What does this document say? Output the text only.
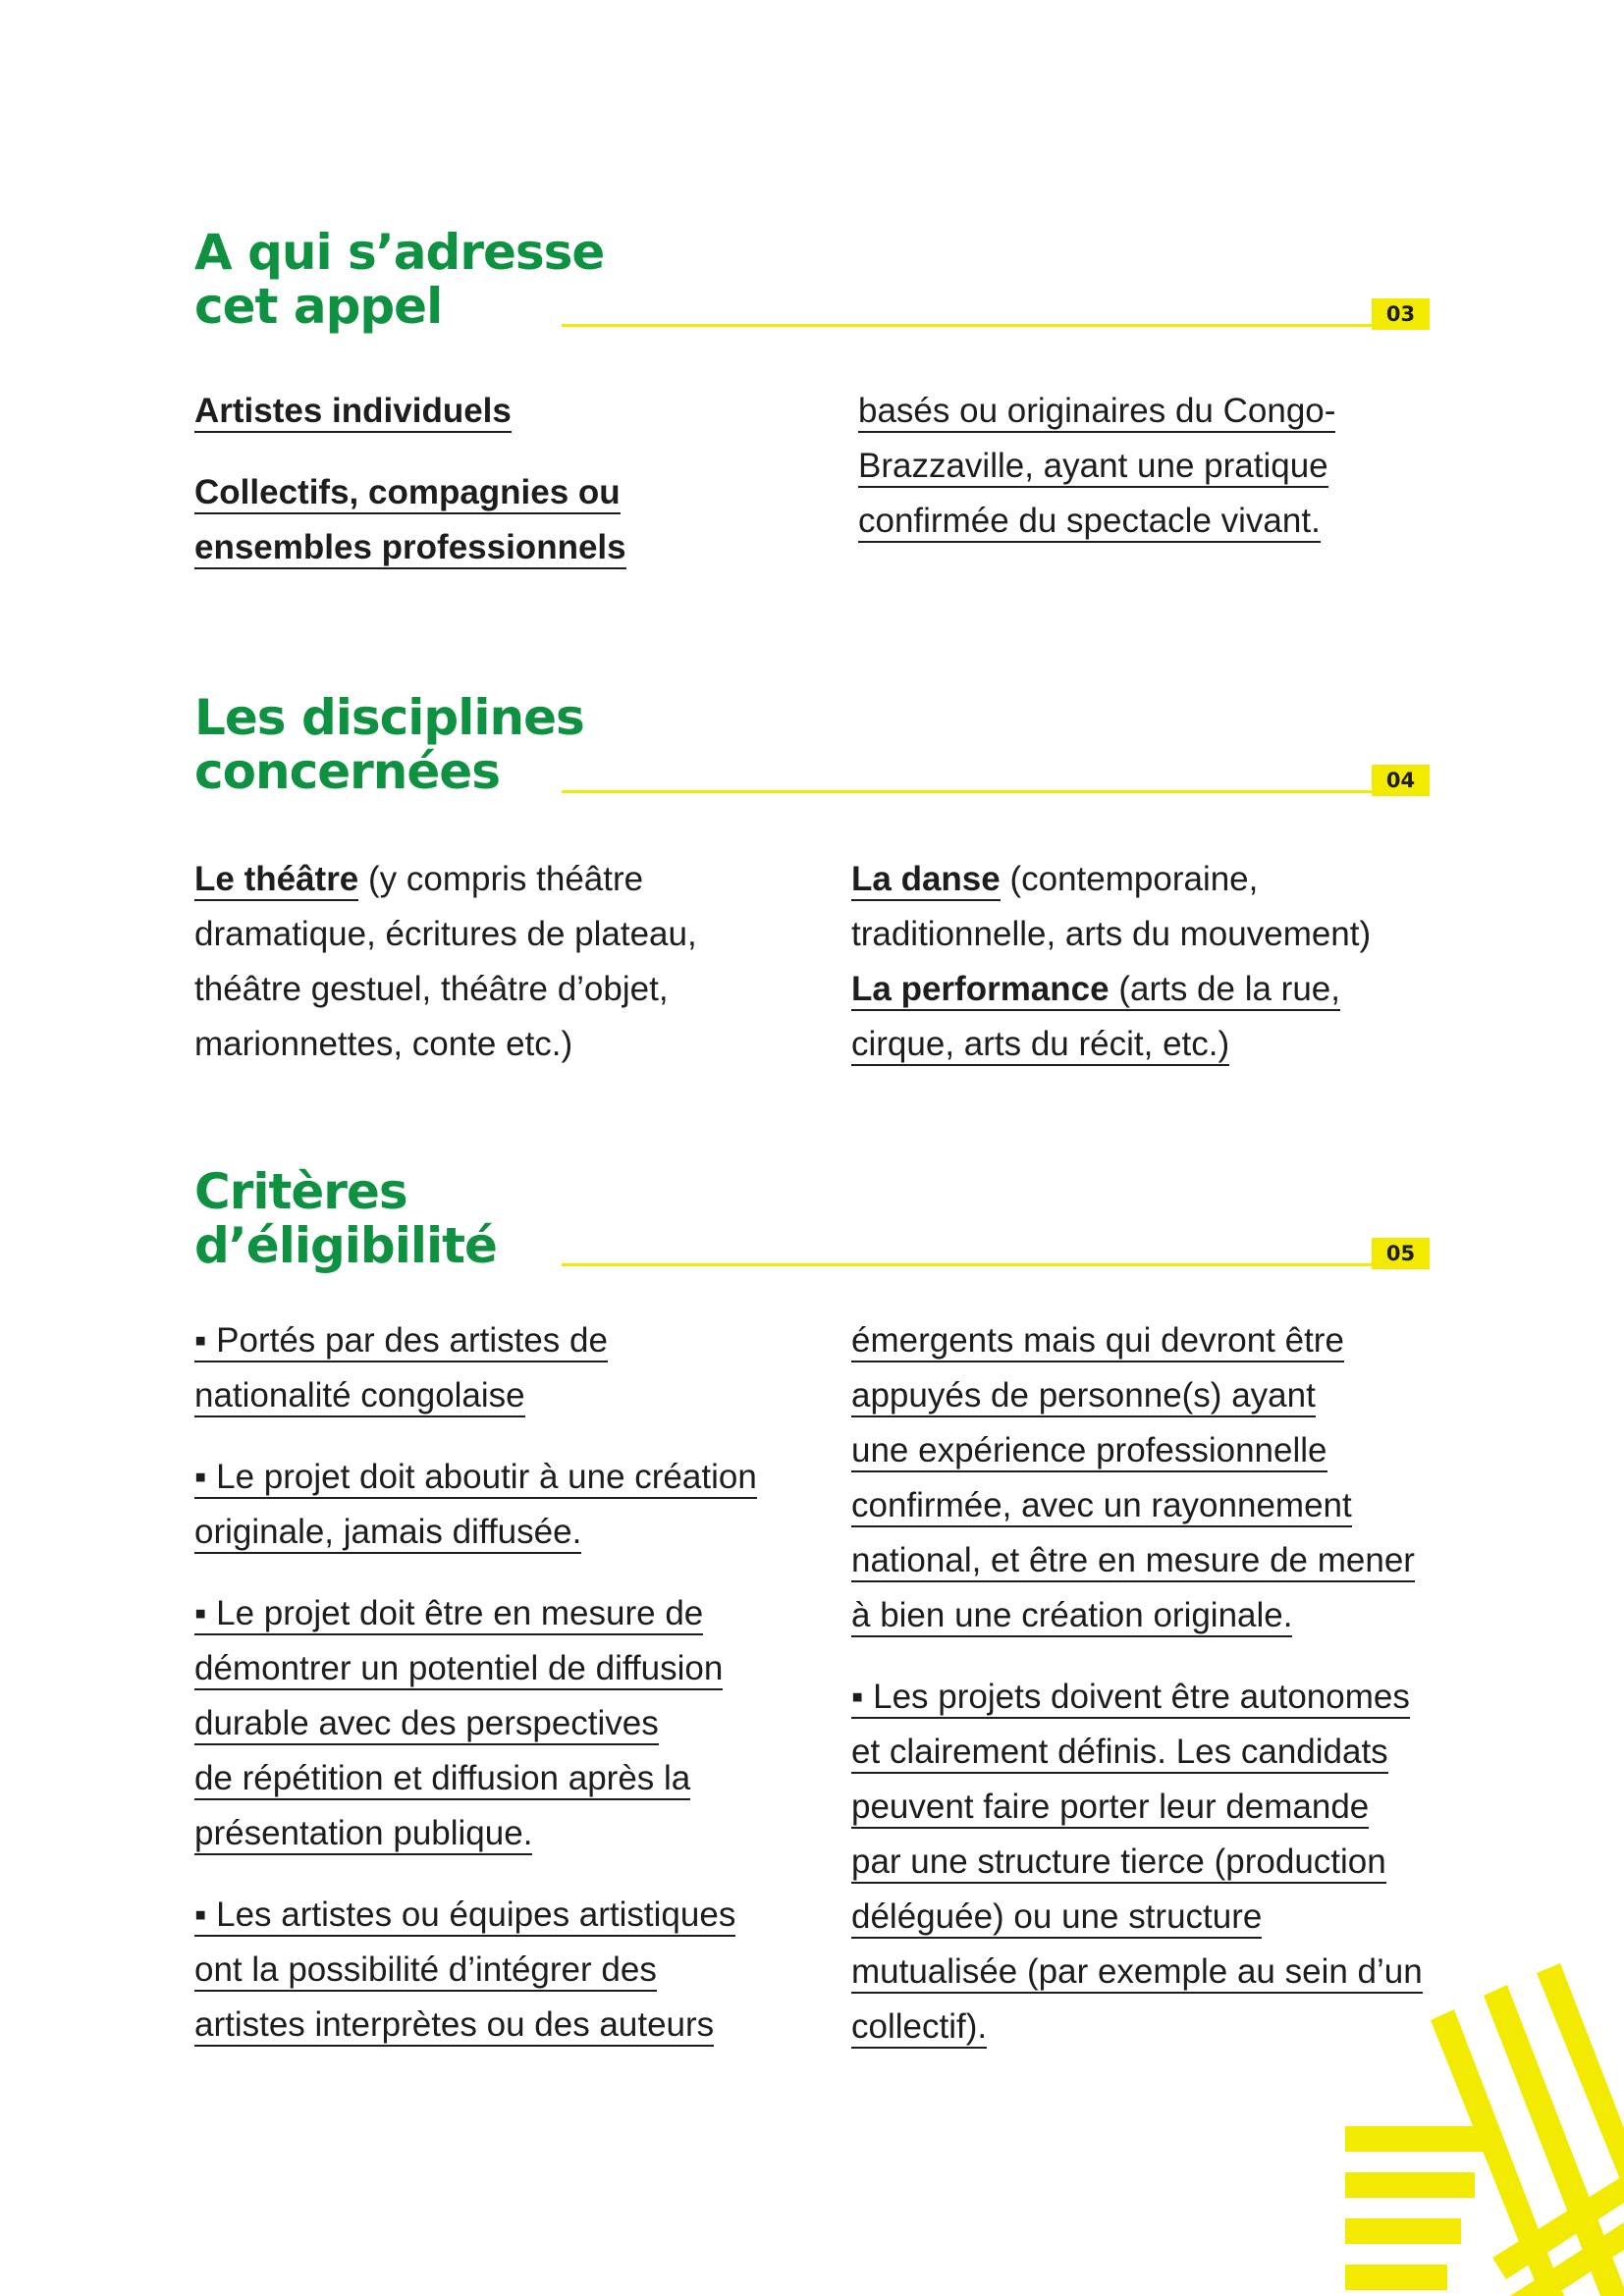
A qui s’adresse
cet appel	03

Artistes individuels

Collectifs, compagnies ou

ensembles professionnels

basés ou originaires du Congo-

Brazzaville, ayant une pratique

confirmée du spectacle vivant.

Les disciplines
concernées	04

Le théâtre (y compris théâtre

dramatique, écritures de plateau,

théâtre gestuel, théâtre d’objet,

marionnettes, conte etc.)

La danse (contemporaine,

traditionnelle, arts du mouvement)

La performance (arts de la rue,

cirque, arts du récit, etc.)

Critères
d’éligibilité	05

▪ Portés par des artistes de

nationalité congolaise

▪ Le projet doit aboutir à une création

originale, jamais diffusée.

▪ Le projet doit être en mesure de

démontrer un potentiel de diffusion

durable avec des perspectives

de répétition et diffusion après la

présentation publique.

▪ Les artistes ou équipes artistiques

ont la possibilité d’intégrer des

artistes interprètes ou des auteurs

émergents mais qui devront être

appuyés de personne(s) ayant

une expérience professionnelle

confirmée, avec un rayonnement

national, et être en mesure de mener

à bien une création originale.

▪ Les projets doivent être autonomes

et clairement définis. Les candidats

peuvent faire porter leur demande

par une structure tierce (production

déléguée) ou une structure

mutualisée (par exemple au sein d’un

collectif).
